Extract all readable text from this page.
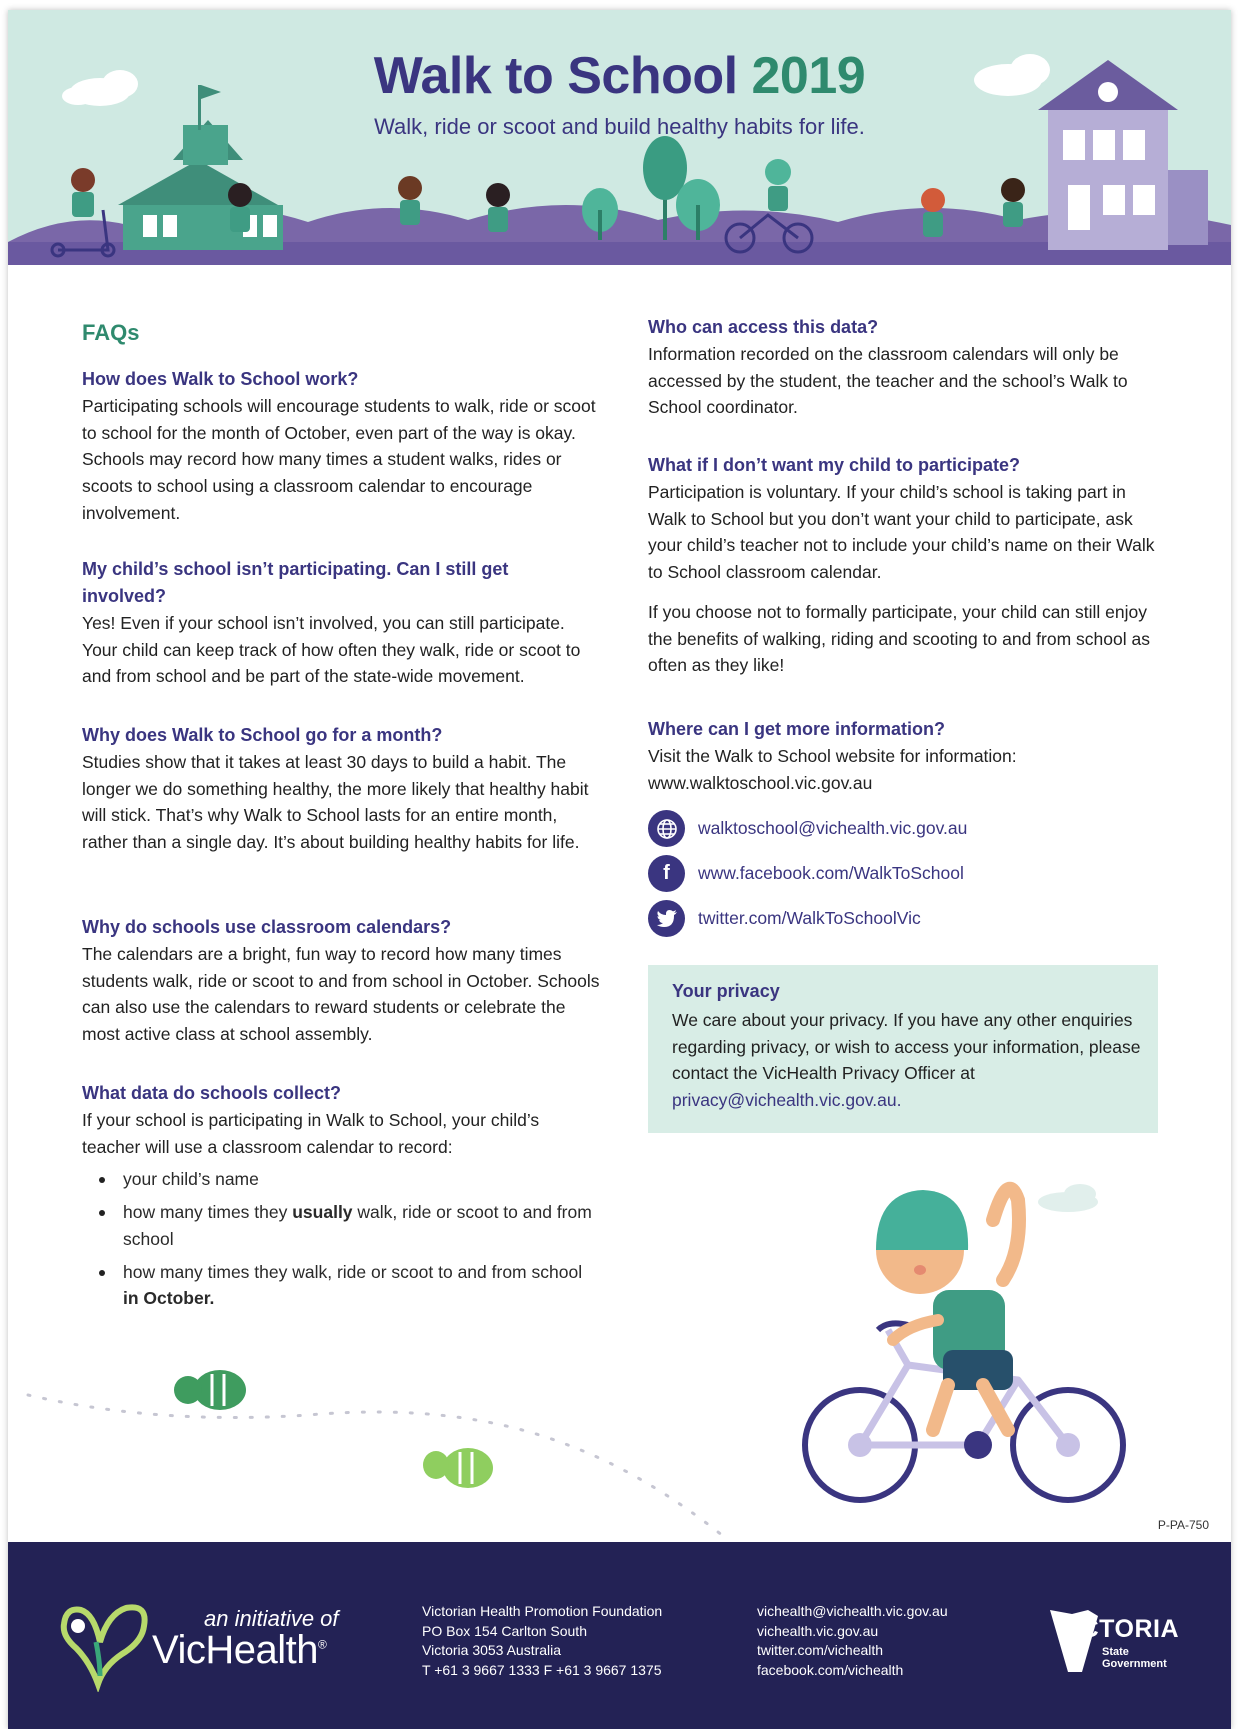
Walk to School 2019
Walk, ride or scoot and build healthy habits for life.
FAQs

How does Walk to School work?

Participating schools will encourage students to walk, ride or scoot to school for the month of October, even part of the way is okay. Schools may record how many times a student walks, rides or scoots to school using a classroom calendar to encourage involvement.

My child’s school isn’t participating. Can I still get involved?

Yes! Even if your school isn’t involved, you can still participate. Your child can keep track of how often they walk, ride or scoot to and from school and be part of the state-wide movement.

Why does Walk to School go for a month?

Studies show that it takes at least 30 days to build a habit. The longer we do something healthy, the more likely that healthy habit will stick. That’s why Walk to School lasts for an entire month, rather than a single day. It’s about building healthy habits for life.

Why do schools use classroom calendars?

The calendars are a bright, fun way to record how many times students walk, ride or scoot to and from school in October. Schools can also use the calendars to reward students or celebrate the most active class at school assembly.

What data do schools collect?

If your school is participating in Walk to School, your child’s teacher will use a classroom calendar to record:

your child’s name
how many times they usually walk, ride or scoot to and from school
how many times they walk, ride or scoot to and from school in October.

Who can access this data?

Information recorded on the classroom calendars will only be accessed by the student, the teacher and the school’s Walk to School coordinator.

What if I don’t want my child to participate?

Participation is voluntary. If your child’s school is taking part in Walk to School but you don’t want your child to participate, ask your child’s teacher not to include your child’s name on their Walk to School classroom calendar.

If you choose not to formally participate, your child can still enjoy the benefits of walking, riding and scooting to and from school as often as they like!

Where can I get more information?

Visit the Walk to School website for information:

www.walktoschool.vic.gov.au

walktoschool@vichealth.vic.gov.au
f	www.facebook.com/WalkToSchool
twitter.com/WalkToSchoolVic
Your privacy
We care about your privacy. If you have any other enquiries regarding privacy, or wish to access your information, please contact the VicHealth Privacy Officer at privacy@vichealth.vic.gov.au.
P-PA-750
an initiative of
VicHealth®
Victorian Health Promotion Foundation
PO Box 154 Carlton South
Victoria 3053 Australia
T +61 3 9667 1333 F +61 3 9667 1375
vichealth@vichealth.vic.gov.au
vichealth.vic.gov.au
twitter.com/vichealth
facebook.com/vichealth
VICTORIA
State
Government
